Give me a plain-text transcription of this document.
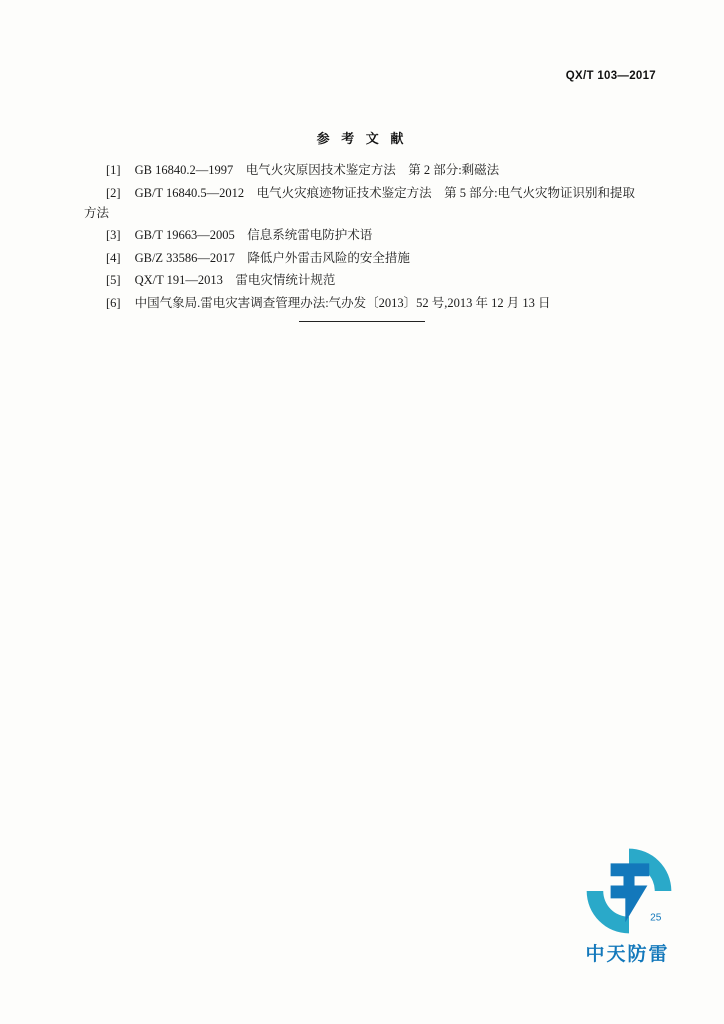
QX/T 103—2017
参 考 文 献
[1] GB 16840.2—1997　电气火灾原因技术鉴定方法　第 2 部分:剩磁法
[2] GB/T 16840.5—2012　电气火灾痕迹物证技术鉴定方法　第 5 部分:电气火灾物证识别和提取方法
[3] GB/T 19663—2005　信息系统雷电防护术语
[4] GB/Z 33586—2017　降低户外雷击风险的安全措施
[5] QX/T 191—2013　雷电灾情统计规范
[6] 中国气象局.雷电灾害调查管理办法:气办发〔2013〕52 号,2013 年 12 月 13 日
25
中天防雷
